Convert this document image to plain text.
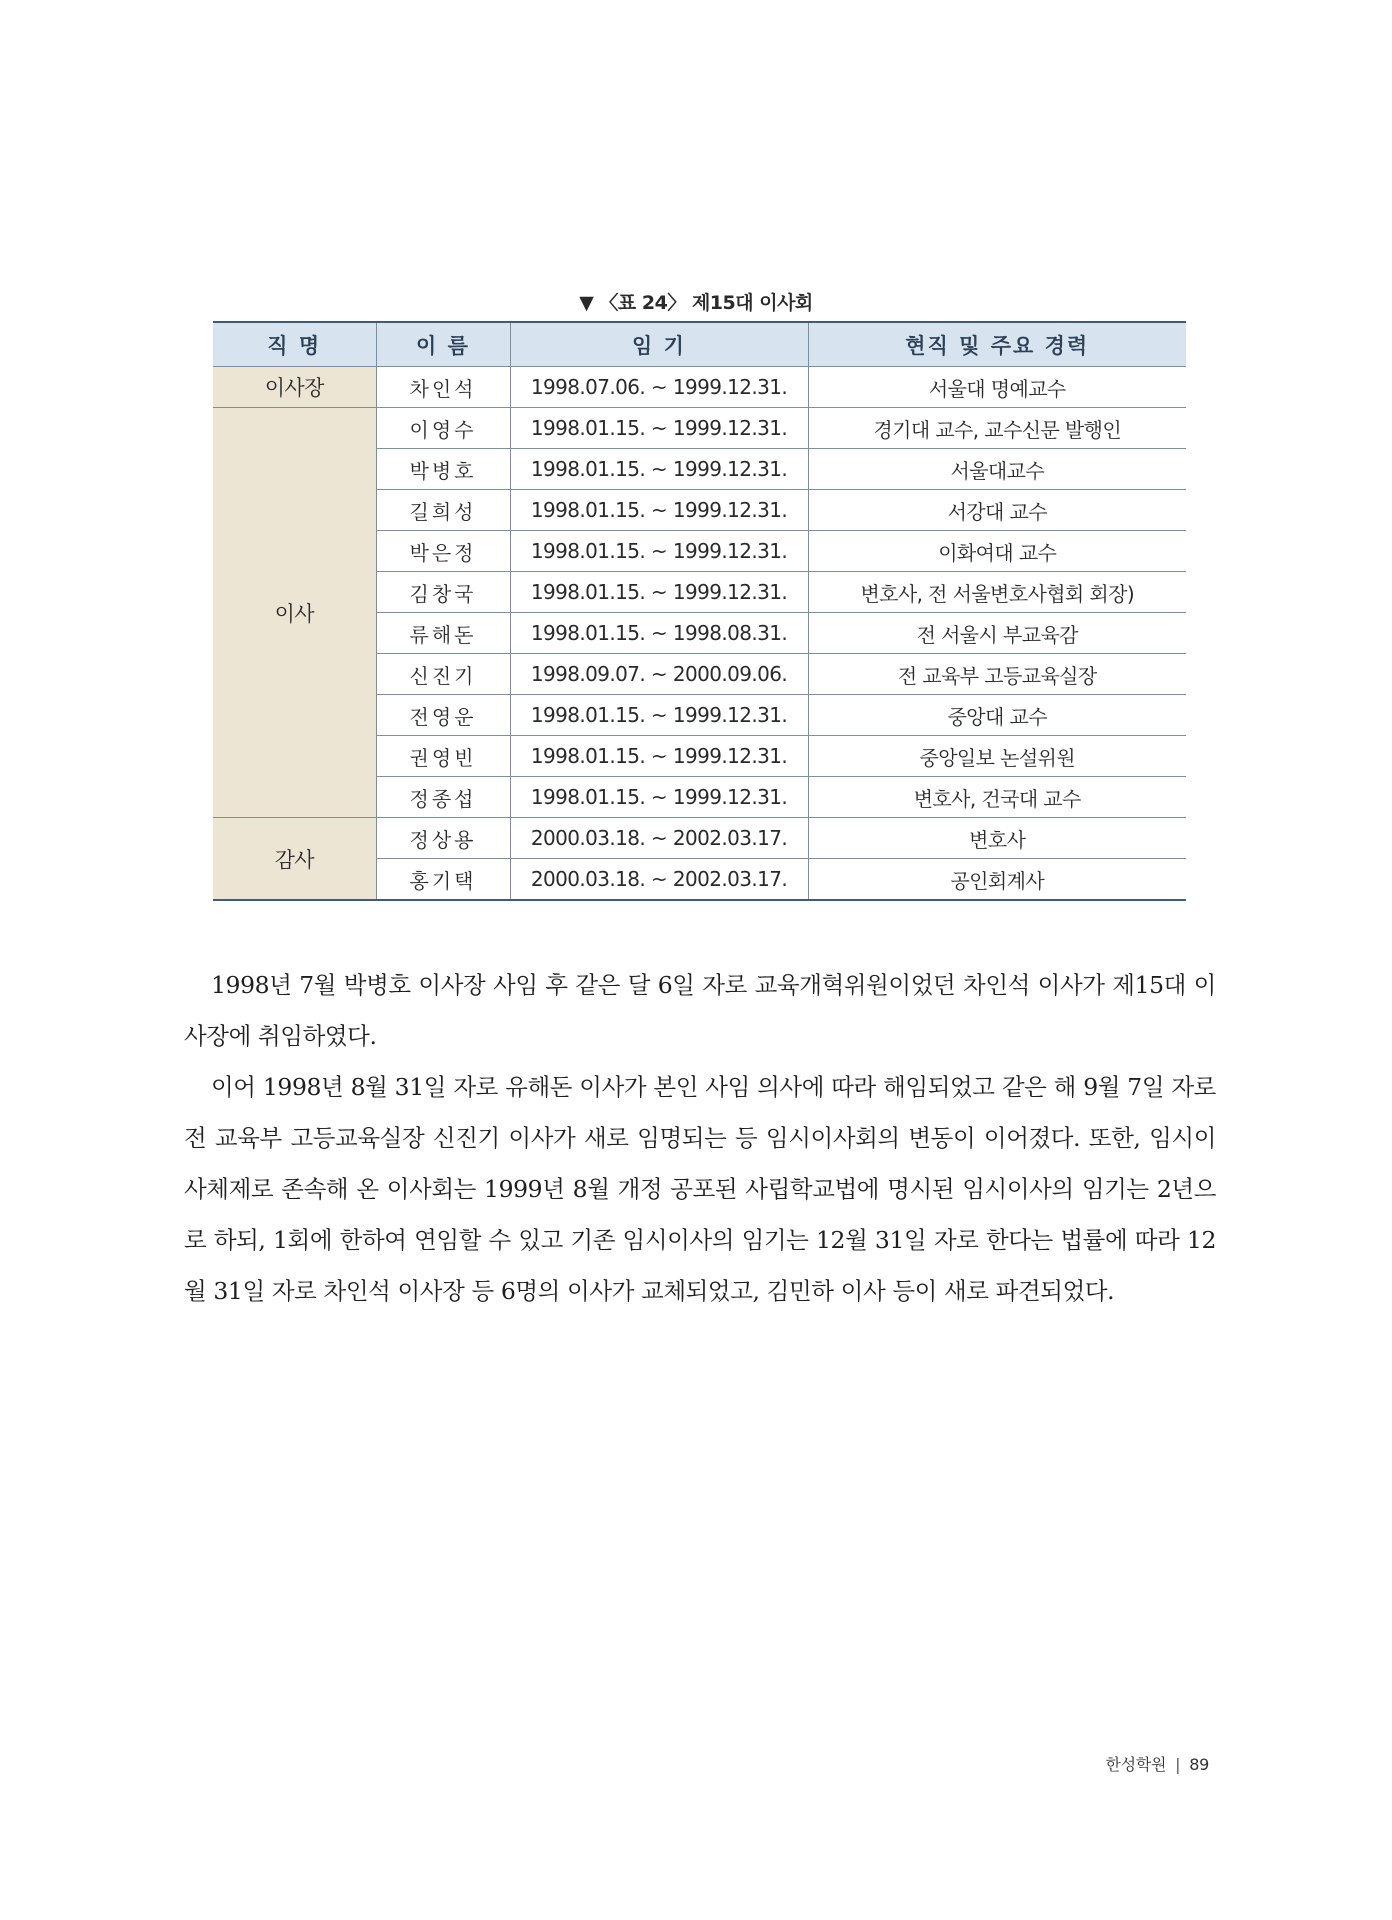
▼ 〈표 24〉 제15대 이사회
직 명	이 름	임 기	현직 및 주요 경력
이사장	차인석	1998.07.06. ~ 1999.12.31.	서울대 명예교수
이사	이영수	1998.01.15. ~ 1999.12.31.	경기대 교수, 교수신문 발행인
	박병호	1998.01.15. ~ 1999.12.31.	서울대교수
	길희성	1998.01.15. ~ 1999.12.31.	서강대 교수
	박은정	1998.01.15. ~ 1999.12.31.	이화여대 교수
	김창국	1998.01.15. ~ 1999.12.31.	변호사, 전 서울변호사협회 회장)
	류해돈	1998.01.15. ~ 1998.08.31.	전 서울시 부교육감
	신진기	1998.09.07. ~ 2000.09.06.	전 교육부 고등교육실장
	전영운	1998.01.15. ~ 1999.12.31.	중앙대 교수
	권영빈	1998.01.15. ~ 1999.12.31.	중앙일보 논설위원
	정종섭	1998.01.15. ~ 1999.12.31.	변호사, 건국대 교수
감사	정상용	2000.03.18. ~ 2002.03.17.	변호사
	홍기택	2000.03.18. ~ 2002.03.17.	공인회계사

1998년 7월 박병호 이사장 사임 후 같은 달 6일 자로 교육개혁위원이었던 차인석 이사가 제15대 이사장에 취임하였다.

이어 1998년 8월 31일 자로 유해돈 이사가 본인 사임 의사에 따라 해임되었고 같은 해 9월 7일 자로 전 교육부 고등교육실장 신진기 이사가 새로 임명되는 등 임시이사회의 변동이 이어졌다. 또한, 임시이사체제로 존속해 온 이사회는 1999년 8월 개정 공포된 사립학교법에 명시된 임시이사의 임기는 2년으로 하되, 1회에 한하여 연임할 수 있고 기존 임시이사의 임기는 12월 31일 자로 한다는 법률에 따라 12월 31일 자로 차인석 이사장 등 6명의 이사가 교체되었고, 김민하 이사 등이 새로 파견되었다.

한성학원 | 89
